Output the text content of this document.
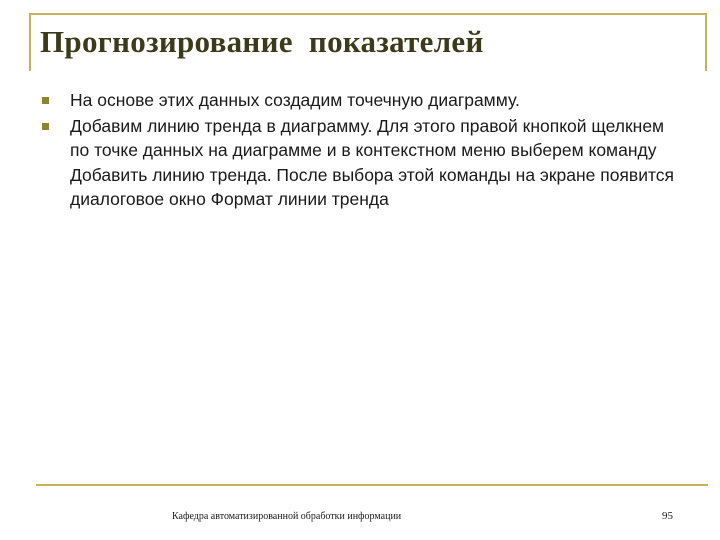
Прогнозирование  показателей
На основе этих данных создадим точечную диаграмму.
Добавим линию тренда в диаграмму. Для этого правой кнопкой щелкнем по точке данных на диаграмме и в контекстном меню выберем команду Добавить линию тренда. После выбора этой команды на экране появится диалоговое окно Формат линии тренда
Кафедра автоматизированной обработки информации	95
